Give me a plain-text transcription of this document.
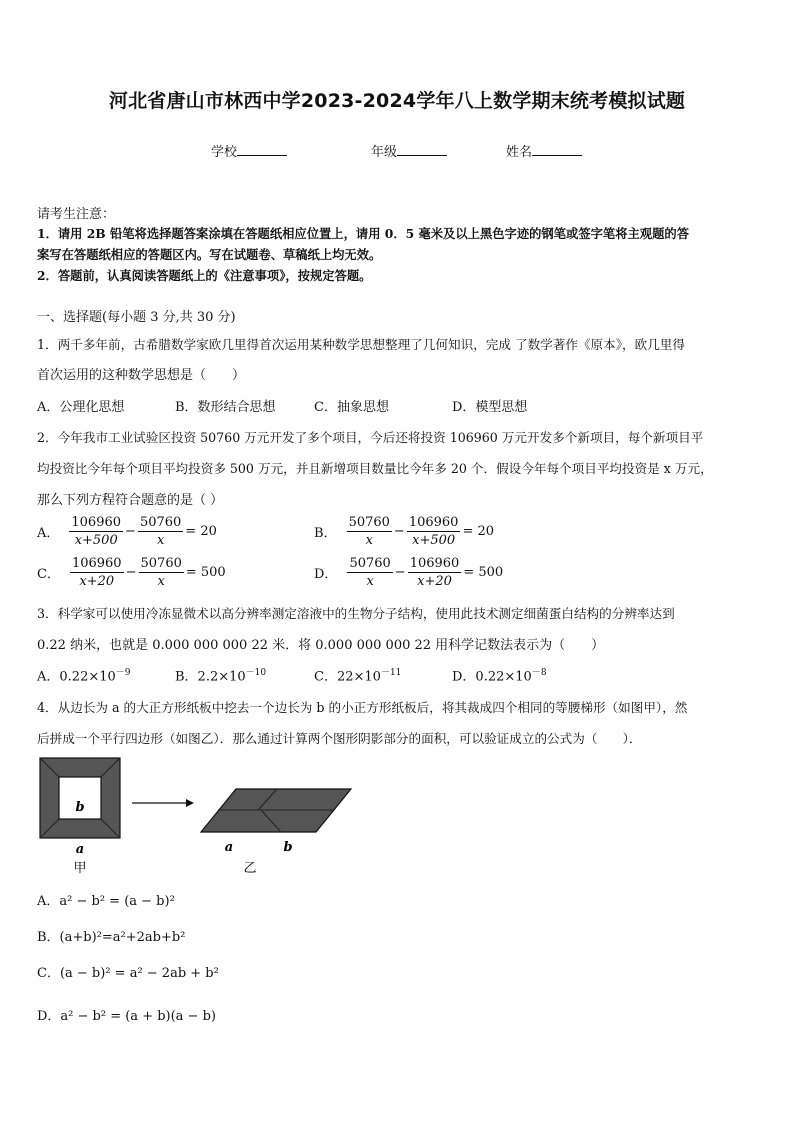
河北省唐山市林西中学2023-2024学年八上数学期末统考模拟试题
学校	年级	姓名
请考生注意：
1．请用 2B 铅笔将选择题答案涂填在答题纸相应位置上，请用 0．5 毫米及以上黑色字迹的钢笔或签字笔将主观题的答
案写在答题纸相应的答题区内。写在试题卷、草稿纸上均无效。
2．答题前，认真阅读答题纸上的《注意事项》，按规定答题。
一、选择题(每小题 3 分,共 30 分)
1．两千多年前，古希腊数学家欧几里得首次运用某种数学思想整理了几何知识，完成 了数学著作《原本》，欧几里得
首次运用的这种数学思想是（　　）
A．公理化思想	B．数形结合思想	C．抽象思想	D．模型思想
2．今年我市工业试验区投资 50760 万元开发了多个项目，今后还将投资 106960 万元开发多个新项目，每个新项目平
均投资比今年每个项目平均投资多 500 万元，并且新增项目数量比今年多 20 个．假设今年每个项目平均投资是 x 万元，
那么下列方程符合题意的是（ ）
A． $\frac{106960}{x+500} - \frac{50760}{x} = 20$	B． $\frac{50760}{x} - \frac{106960}{x+500} = 20$
C． $\frac{106960}{x+20} - \frac{50760}{x} = 500$	D． $\frac{50760}{x} - \frac{106960}{x+20} = 500$
3．科学家可以使用冷冻显微术以高分辨率测定溶液中的生物分子结构，使用此技术测定细菌蛋白结构的分辨率达到
0.22 纳米，也就是 0.000 000 000 22 米．将 0.000 000 000 22 用科学记数法表示为（　　）
A．$0.22\times 10^{-9}$	B．$2.2\times 10^{-10}$	C．$22\times 10^{-11}$	D．$0.22\times 10^{-8}$
4．从边长为 a 的大正方形纸板中挖去一个边长为 b 的小正方形纸板后，将其裁成四个相同的等腰梯形（如图甲），然
后拼成一个平行四边形（如图乙）．那么通过计算两个图形阴影部分的面积，可以验证成立的公式为（　　）．
b
a
甲
a	b
乙
A．a² − b² = (a − b)²
B．(a+b)²=a²+2ab+b²
C．(a − b)² = a² − 2ab + b²
D．a² − b² = (a + b)(a − b)
